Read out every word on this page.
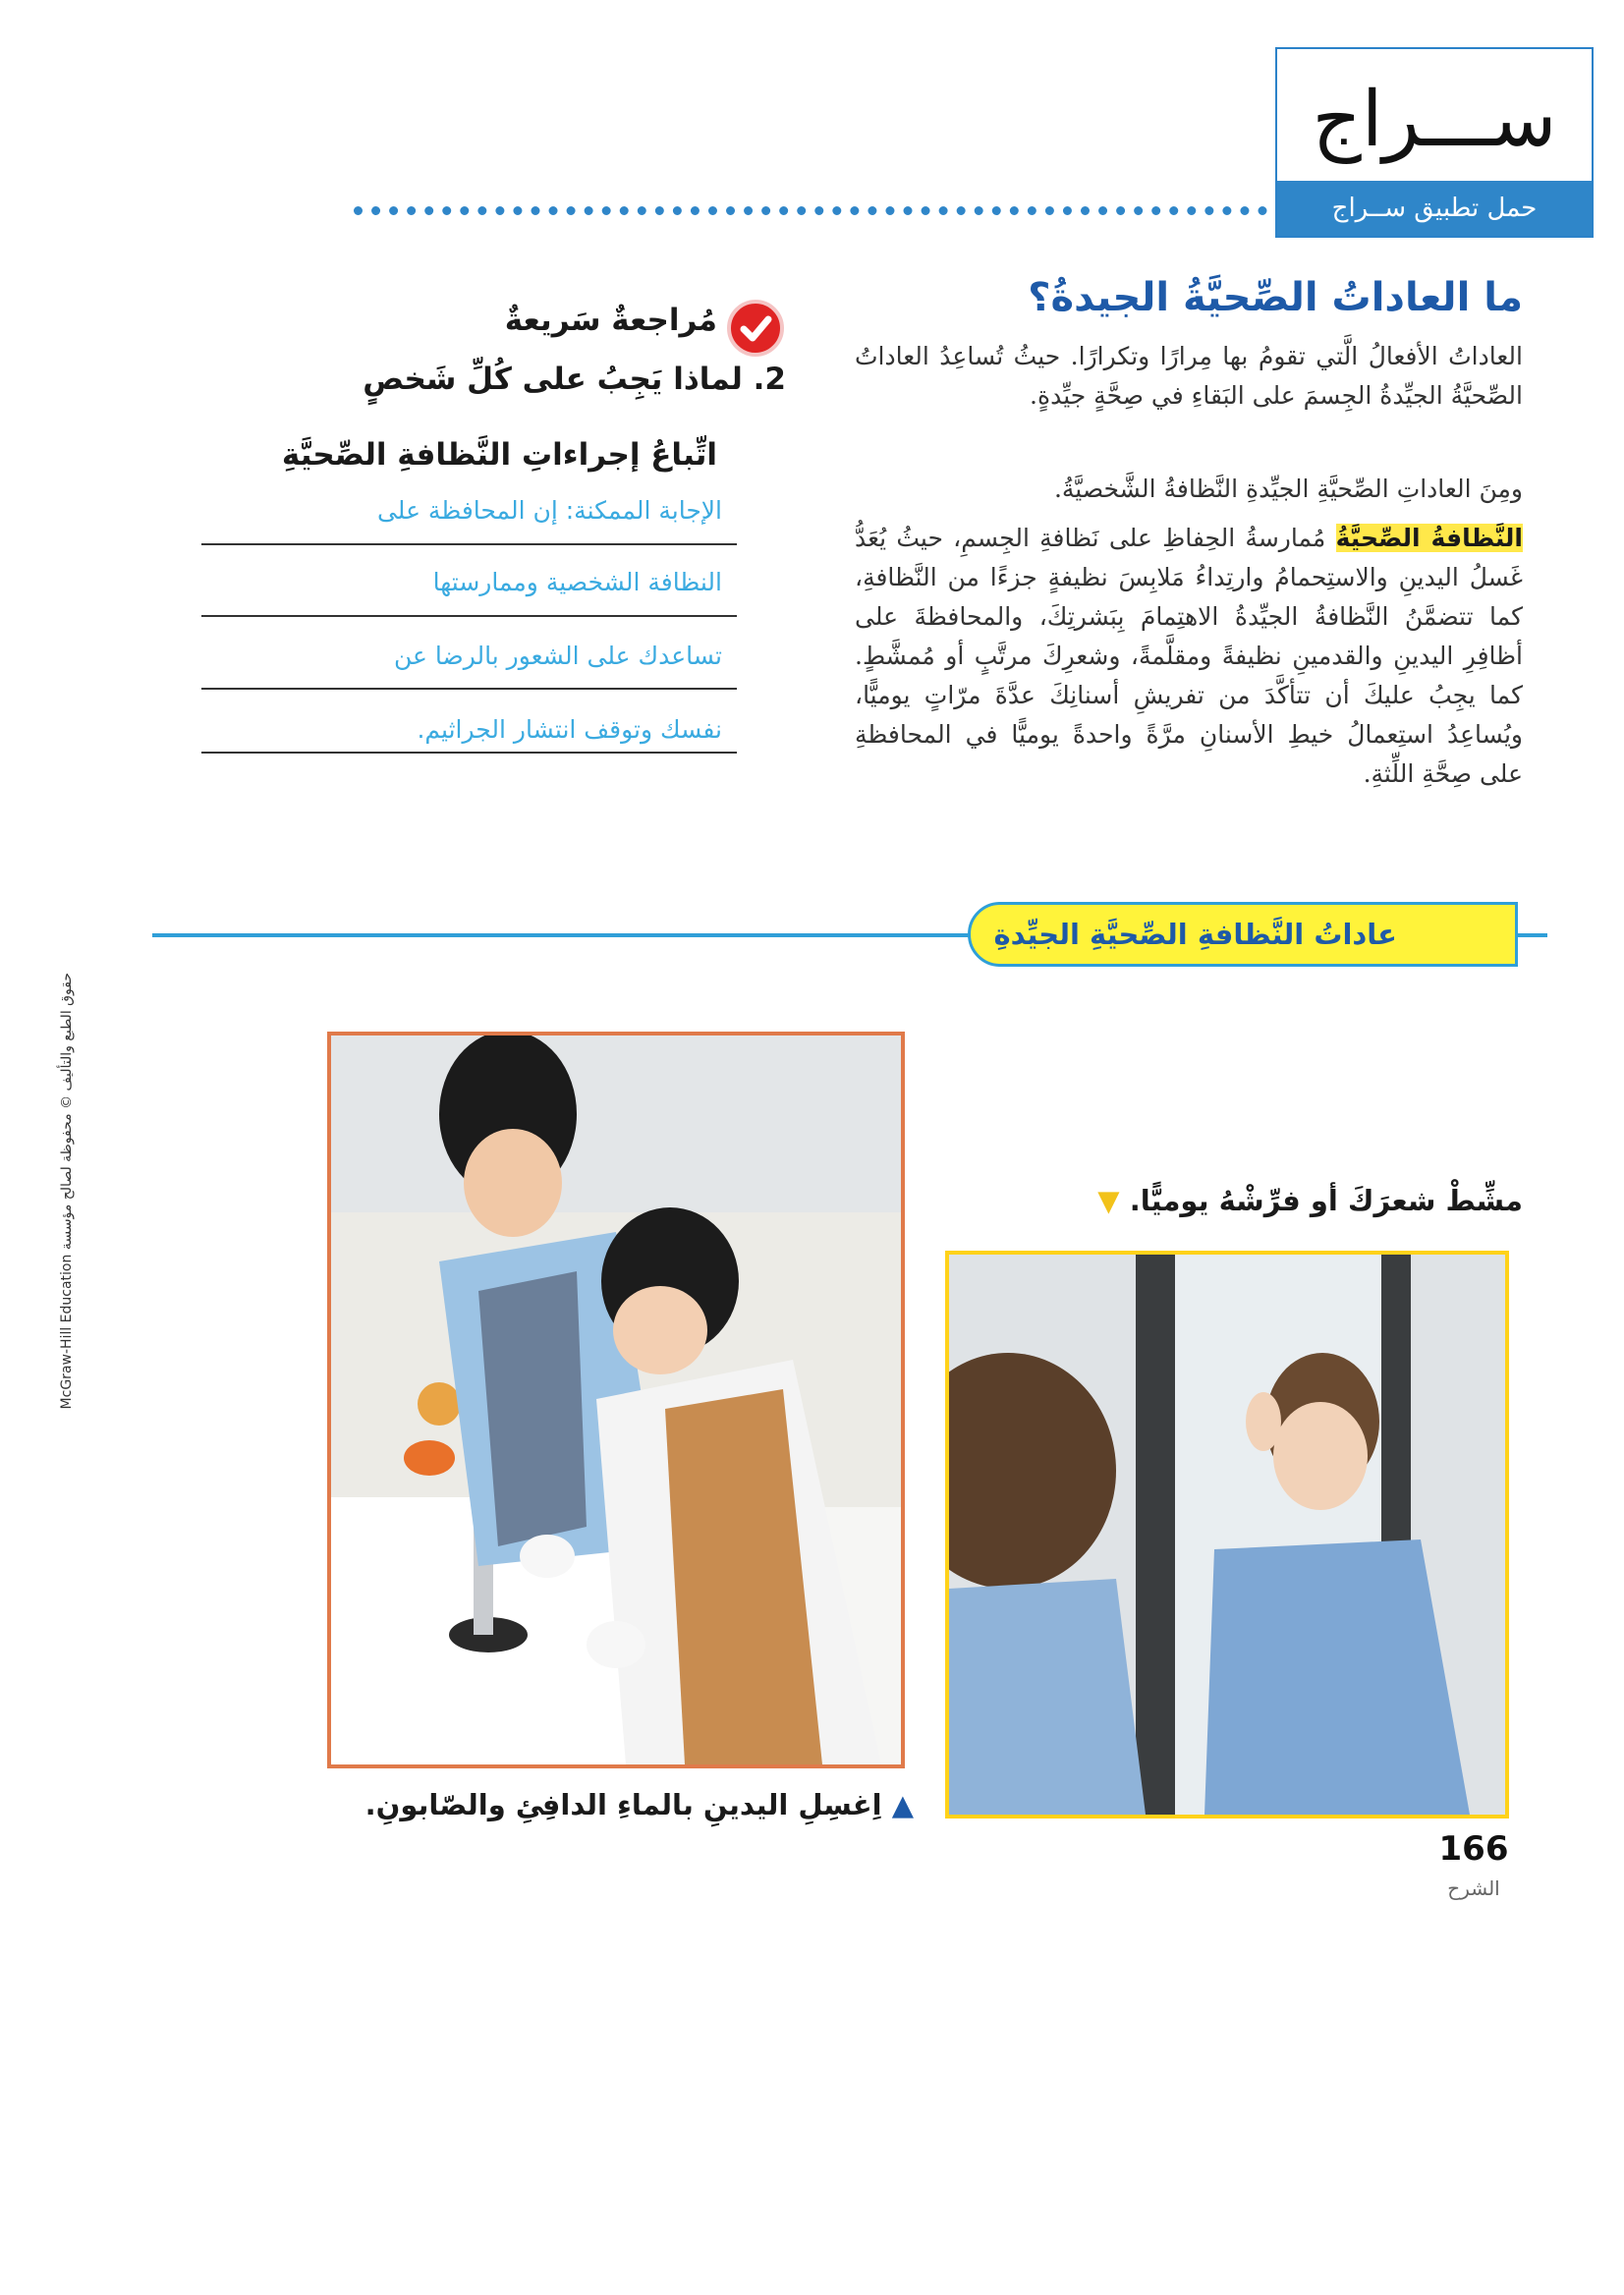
ســـراج
حمل تطبيق ســراج
ما العاداتُ الصِّحيَّةُ الجيدةُ؟
العاداتُ الأفعالُ الَّتي تقومُ بها مِرارًا وتكرارًا. حيثُ تُساعِدُ العاداتُ الصِّحيَّةُ الجيِّدةُ الجِسمَ على البَقاءِ في صِحَّةٍ جيِّدةٍ.
ومِنَ العاداتِ الصِّحيَّةِ الجيِّدةِ النَّظافةُ الشَّخصيَّةُ.
النَّظافةُ الصِّحيَّةُ مُمارسةُ الحِفاظِ على نَظافةِ الجِسمِ، حيثُ يُعَدُّ غَسلُ اليدينِ والاستِحمامُ وارتِداءُ مَلابِسَ نظيفةٍ جزءًا من النَّظافةِ، كما تتضمَّنُ النَّظافةُ الجيِّدةُ الاهتِمامَ بِبَشرتِكَ، والمحافظةَ على أظافِرِ اليدينِ والقدمينِ نظيفةً ومقلَّمةً، وشعرِكَ مرتَّبٍ أو مُمشَّطٍ. كما يجِبُ عليكَ أن تتأكَّدَ من تفريشِ أسنانِكَ عدَّةَ مرّاتٍ يوميًّا، ويُساعِدُ استِعمالُ خيطِ الأسنانِ مرَّةً واحدةً يوميًّا في المحافظةِ على صِحَّةِ اللِّثةِ.
مُراجعةٌ سَريعةٌ
2. لماذا يَجِبُ على كُلِّ شَخصٍ
اتِّباعُ إجراءاتِ النَّظافةِ الصِّحيَّةِ
الإجابة الممكنة: إن المحافظة على
النظافة الشخصية وممارستها
تساعدك على الشعور بالرضا عن
نفسك وتوقف انتشار الجراثيم.
عاداتُ النَّظافةِ الصِّحيَّةِ الجيِّدةِ
مشِّطْ شعرَكَ أو فرِّشْهُ يوميًّا. ▼
▲ اِغسِلِ اليدينِ بالماءِ الدافِئِ والصّابونِ.
166
الشرح
حقوق الطبع والتأليف © محفوظة لصالح مؤسسة McGraw-Hill Education
